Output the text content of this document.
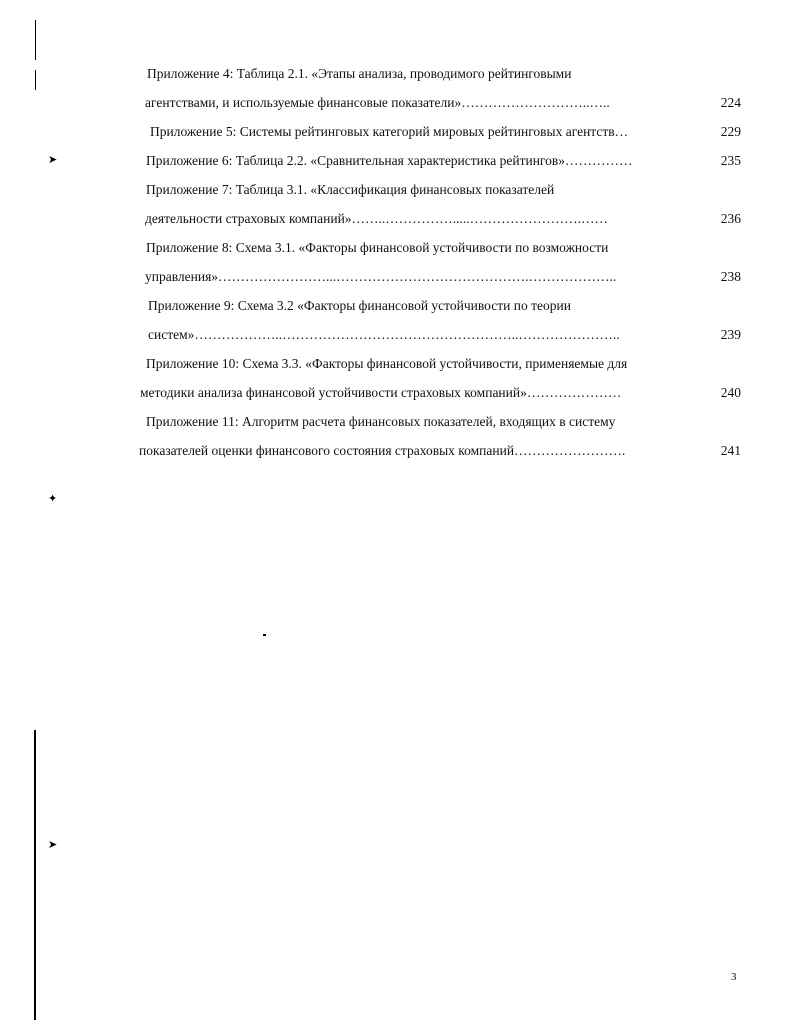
➤
✦
➤
Приложение 4: Таблица 2.1. «Этапы анализа, проводимого рейтинговыми
агентствами, и используемые финансовые показатели»………………………..…..	224
Приложение 5: Системы рейтинговых категорий мировых рейтинговых агентств…	229
Приложение 6: Таблица 2.2. «Сравнительная характеристика рейтингов»……………	235
Приложение 7: Таблица 3.1. «Классификация финансовых показателей
деятельности страховых компаний»……..…………….....…………………….……	236
Приложение 8: Схема 3.1. «Факторы финансовой устойчивости по возможности
управления»……………………...…………………………………….………………..	238
Приложение 9: Схема 3.2 «Факторы финансовой устойчивости по теории
систем»………………..……………………………………………..…………………..	239
Приложение 10: Схема 3.3. «Факторы финансовой устойчивости, применяемые для
методики анализа финансовой устойчивости страховых компаний»…………………	240
Приложение 11: Алгоритм расчета финансовых показателей, входящих в систему
показателей оценки финансового состояния страховых компаний…………………….	241
3
